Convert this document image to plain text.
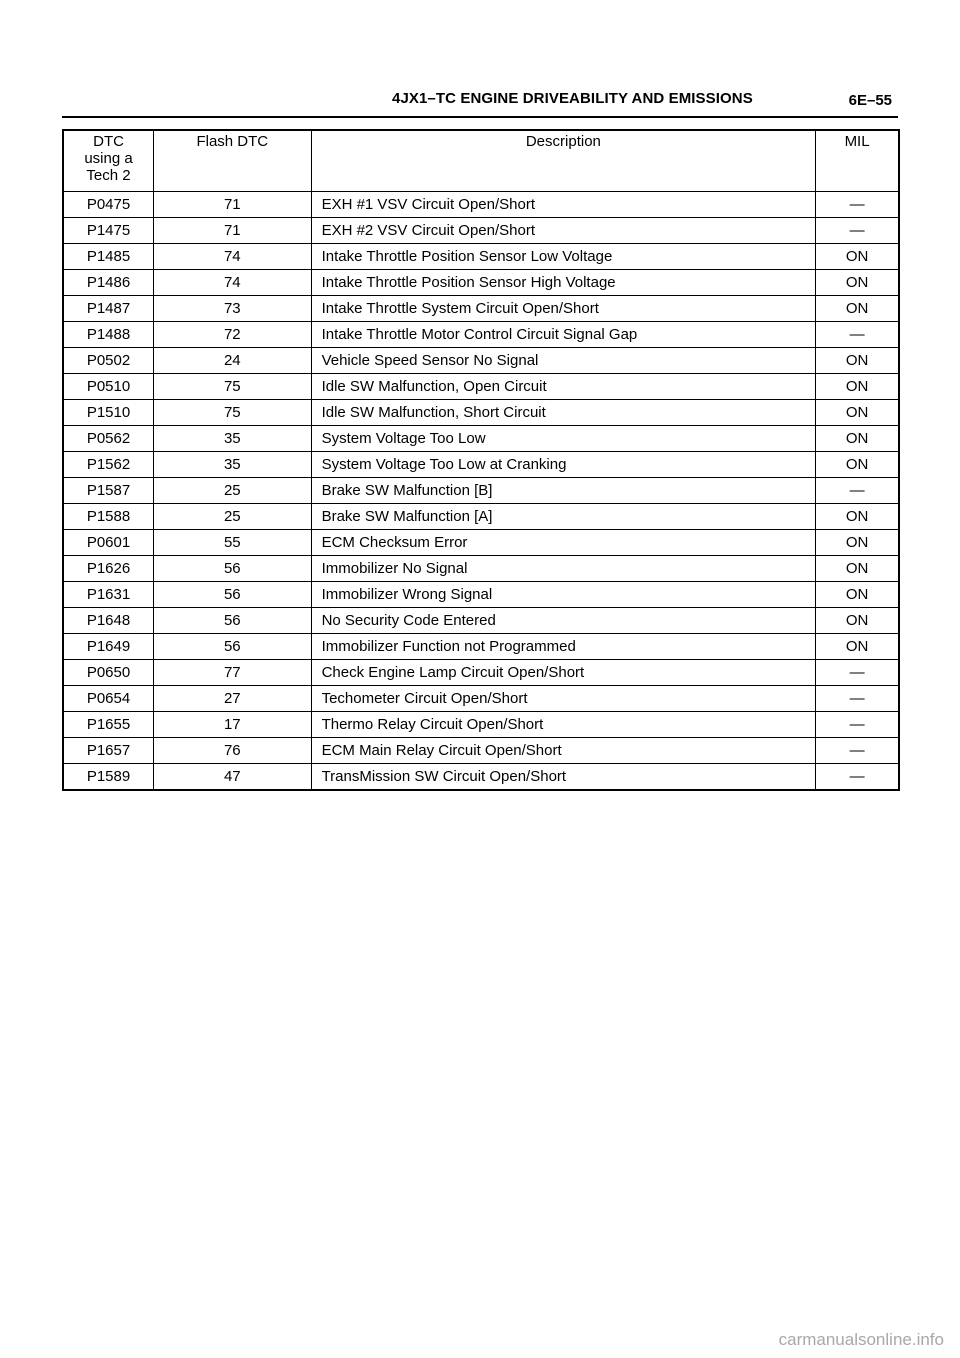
4JX1–TC ENGINE DRIVEABILITY AND EMISSIONS	6E–55
DTC
using a
Tech 2	Flash DTC	Description	MIL
P0475	71	EXH #1 VSV Circuit Open/Short	—
P1475	71	EXH #2 VSV Circuit Open/Short	—
P1485	74	Intake Throttle Position Sensor Low Voltage	ON
P1486	74	Intake Throttle Position Sensor High Voltage	ON
P1487	73	Intake Throttle System Circuit Open/Short	ON
P1488	72	Intake Throttle Motor Control Circuit Signal Gap	—
P0502	24	Vehicle Speed Sensor No Signal	ON
P0510	75	Idle SW Malfunction, Open Circuit	ON
P1510	75	Idle SW Malfunction, Short Circuit	ON
P0562	35	System Voltage Too Low	ON
P1562	35	System Voltage Too Low at Cranking	ON
P1587	25	Brake SW Malfunction [B]	—
P1588	25	Brake SW Malfunction [A]	ON
P0601	55	ECM Checksum Error	ON
P1626	56	Immobilizer No Signal	ON
P1631	56	Immobilizer Wrong Signal	ON
P1648	56	No Security Code Entered	ON
P1649	56	Immobilizer Function not Programmed	ON
P0650	77	Check Engine Lamp Circuit Open/Short	—
P0654	27	Techometer Circuit Open/Short	—
P1655	17	Thermo Relay Circuit Open/Short	—
P1657	76	ECM Main Relay Circuit Open/Short	—
P1589	47	TransMission SW Circuit Open/Short	—
carmanualsonline.info
